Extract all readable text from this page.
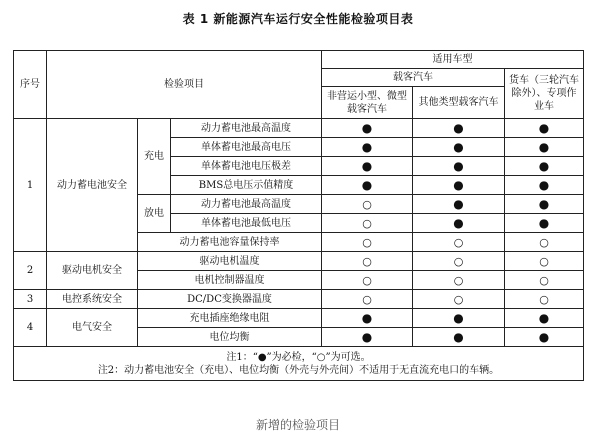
表 1 新能源汽车运行安全性能检验项目表
序号	检验项目			适用车型		
				载客汽车		货车（三轮汽车除外）、专项作业车
				非营运小型、微型载客汽车	其他类型载客汽车	
1	动力蓄电池安全	充电	动力蓄电池最高温度	●	●	●
			单体蓄电池最高电压	●	●	●
			单体蓄电池电压极差	●	●	●
			BMS总电压示值精度	●	●	●
		放电	动力蓄电池最高温度	○	●	●
			单体蓄电池最低电压	○	●	●
		动力蓄电池容量保持率		○	○	○
2	驱动电机安全	驱动电机温度		○	○	○
		电机控制器温度		○	○	○
3	电控系统安全	DC/DC变换器温度		○	○	○
4	电气安全	充电插座绝缘电阻		●	●	●
		电位均衡		●	●	●

注1：“●”为必检，“○”为可选。
注2：动力蓄电池安全（充电）、电位均衡（外壳与外壳间）不适用于无直流充电口的车辆。						
新增的检验项目
